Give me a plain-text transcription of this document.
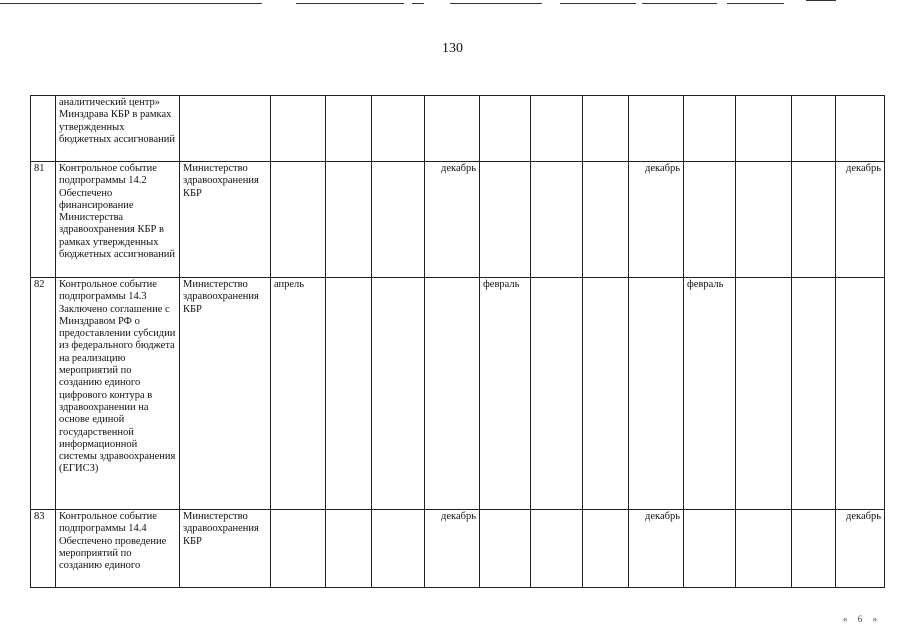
130
	аналитический центр» Минздрава КБР в рамках утвержденных бюджетных ассигнований													
81	Контрольное событие подпрограммы 14.2 Обеспечено финансирование Министерства здравоохранения КБР в рамках утвержденных бюджетных ассигнований	Министерство здравоохранения КБР				декабрь				декабрь				декабрь
82	Контрольное событие подпрограммы 14.3 Заключено соглашение с Минздравом РФ о предоставлении субсидии из федерального бюджета на реализацию мероприятий по созданию единого цифрового контура в здравоохранении на основе единой государственной информационной системы здравоохранения (ЕГИСЗ)	Министерство здравоохранения КБР	апрель				февраль				февраль			
83	Контрольное событие подпрограммы 14.4 Обеспечено проведение мероприятий по созданию единого	Министерство здравоохранения КБР				декабрь				декабрь				декабрь
« 6 »
